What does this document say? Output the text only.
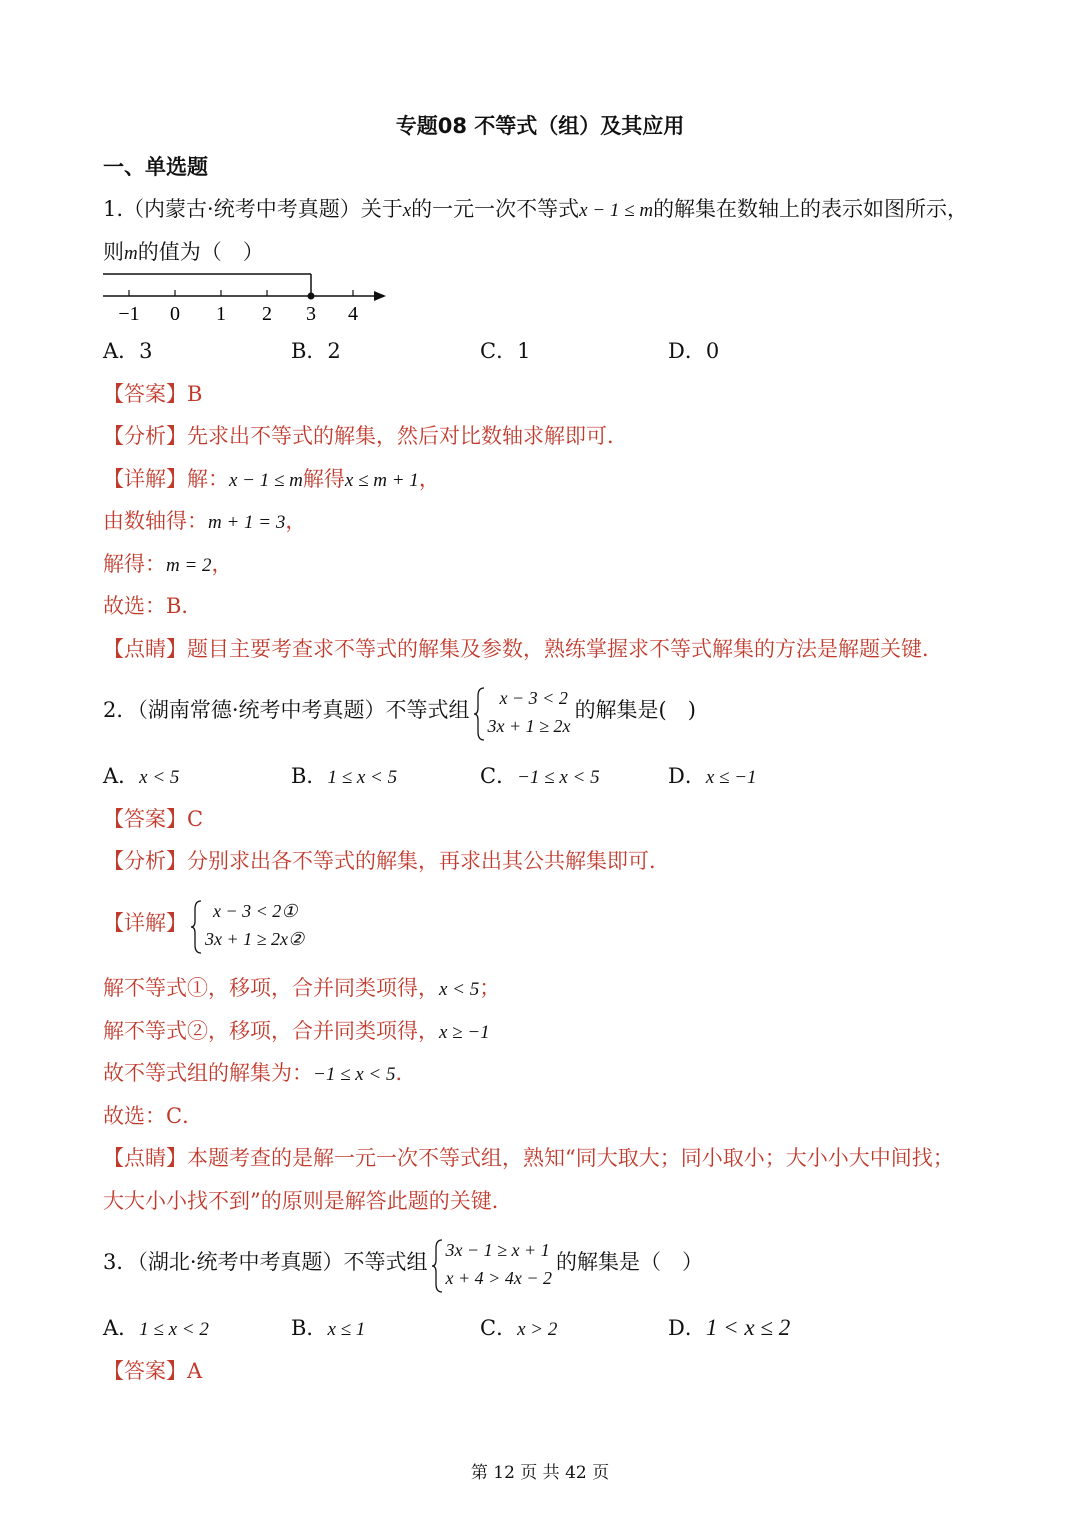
专题08 不等式（组）及其应用
一、单选题
1.（内蒙古·统考中考真题）关于x的一元一次不等式x − 1 ≤ m的解集在数轴上的表示如图所示，
则m的值为（　）
−1 0 1 2 3 4
A．3	B．2	C．1	D．0
【答案】B
【分析】先求出不等式的解集，然后对比数轴求解即可．
【详解】解：x − 1 ≤ m解得x ≤ m + 1，
由数轴得：m + 1 = 3，
解得：m = 2，
故选：B．
【点睛】题目主要考查求不等式的解集及参数，熟练掌握求不等式解集的方法是解题关键．
2．（湖南常德·统考中考真题）不等式组
x − 3 < 2
3x + 1 ≥ 2x
的解集是(　)
A．x < 5	B．1 ≤ x < 5	C．−1 ≤ x < 5	D．x ≤ −1
【答案】C
【分析】分别求出各不等式的解集，再求出其公共解集即可．
【详解】
x − 3 < 2①
3x + 1 ≥ 2x②
解不等式①，移项，合并同类项得，x < 5；
解不等式②，移项，合并同类项得，x ≥ −1
故不等式组的解集为：−1 ≤ x < 5．
故选：C．
【点睛】本题考查的是解一元一次不等式组，熟知“同大取大；同小取小；大小小大中间找；
大大小小找不到”的原则是解答此题的关键．
3．（湖北·统考中考真题）不等式组
3x − 1 ≥ x + 1
x + 4 > 4x − 2
的解集是（　）
A．1 ≤ x < 2	B．x ≤ 1	C．x > 2	D．1 < x ≤ 2
【答案】A
第 12 页 共 42 页
